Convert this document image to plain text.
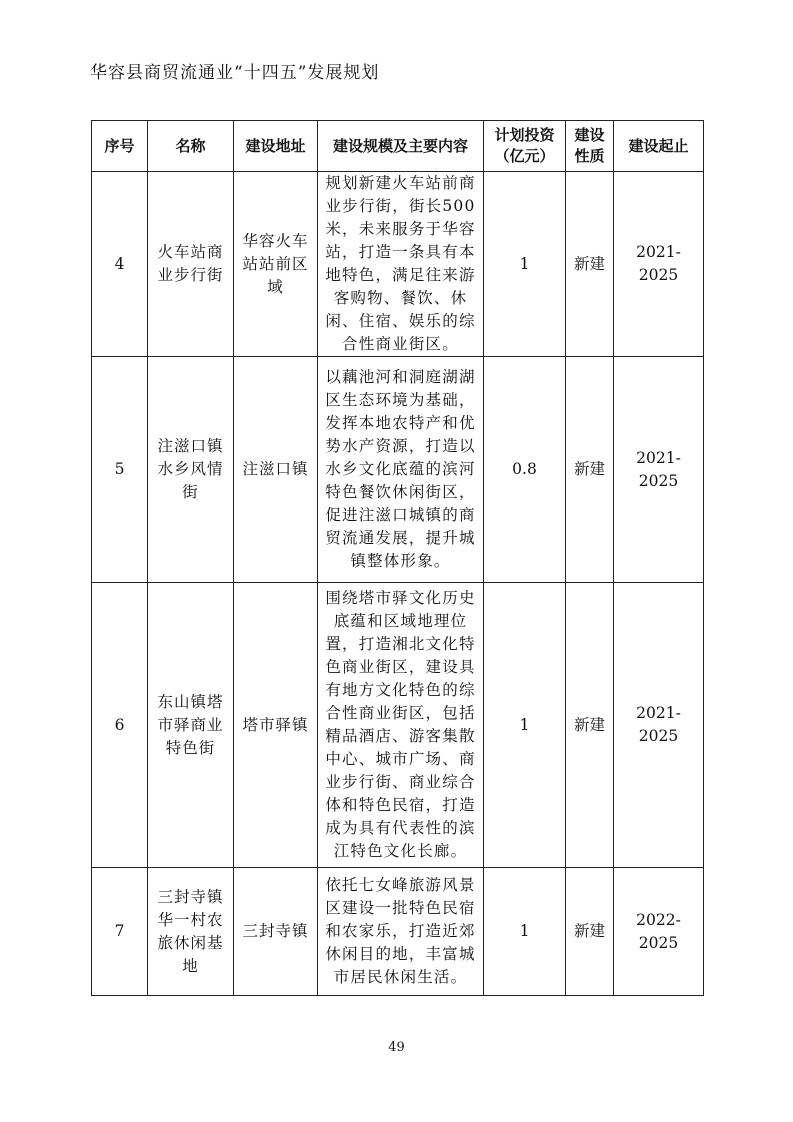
华容县商贸流通业“十四五”发展规划
序号	名称	建设地址	建设规模及主要内容	计划投资（亿元）	建设性质	建设起止
4	火车站商业步行街	华容火车站站前区域	规划新建火车站前商业步行街，街长500米，未来服务于华容站，打造一条具有本地特色，满足往来游客购物、餐饮、休闲、住宿、娱乐的综合性商业街区。	1	新建	2021-2025
5	注滋口镇水乡风情街	注滋口镇	以藕池河和洞庭湖湖区生态环境为基础，发挥本地农特产和优势水产资源，打造以水乡文化底蕴的滨河特色餐饮休闲街区，促进注滋口城镇的商贸流通发展，提升城镇整体形象。	0.8	新建	2021-2025
6	东山镇塔市驿商业特色街	塔市驿镇	围绕塔市驿文化历史底蕴和区域地理位置，打造湘北文化特色商业街区，建设具有地方文化特色的综合性商业街区，包括精品酒店、游客集散中心、城市广场、商业步行街、商业综合体和特色民宿，打造成为具有代表性的滨江特色文化长廊。	1	新建	2021-2025
7	三封寺镇华一村农旅休闲基地	三封寺镇	依托七女峰旅游风景区建设一批特色民宿和农家乐，打造近郊休闲目的地，丰富城市居民休闲生活。	1	新建	2022-2025
49
